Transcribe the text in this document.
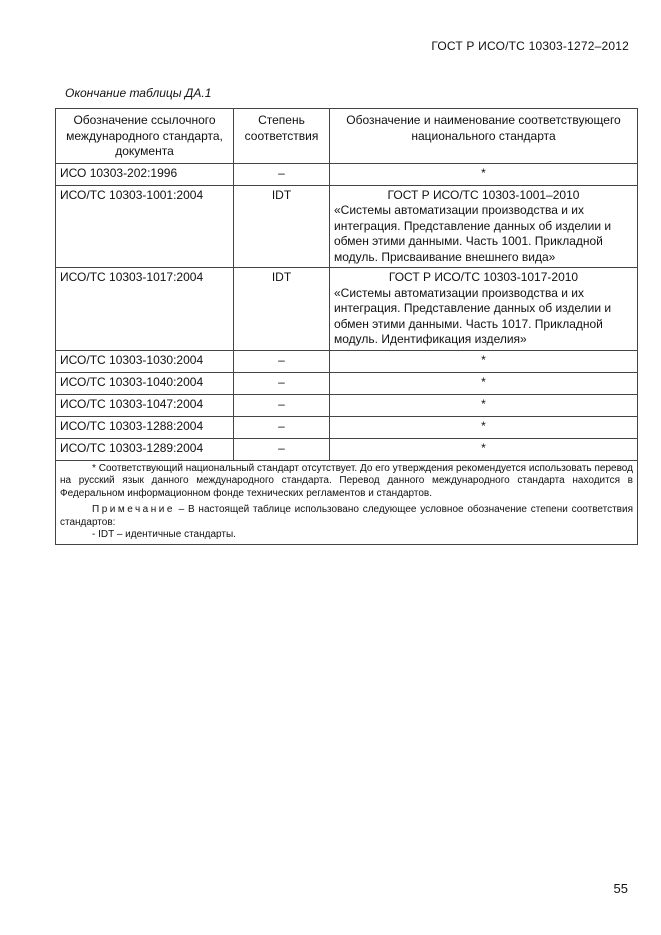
ГОСТ Р ИСО/ТС 10303-1272–2012
Окончание таблицы ДА.1
Обозначение ссылочного международного стандарта, документа	Степень соответствия	Обозначение и наименование соответствующего национального стандарта
ИСО 10303-202:1996	–	*
ИСО/ТС 10303-1001:2004	IDT	ГОСТ Р ИСО/ТС 10303-1001–2010
«Системы автоматизации производства и их интеграция. Представление данных об изделии и обмен этими данными. Часть 1001. Прикладной модуль. Присваивание внешнего вида»

ИСО/ТС 10303-1017:2004	IDT	ГОСТ Р ИСО/ТС 10303-1017-2010
«Системы автоматизации производства и их интеграция. Представление данных об изделии и обмен этими данными. Часть 1017. Прикладной модуль. Идентификация изделия»

ИСО/ТС 10303-1030:2004	–	*
ИСО/ТС 10303-1040:2004	–	*
ИСО/ТС 10303-1047:2004	–	*
ИСО/ТС 10303-1288:2004	–	*
ИСО/ТС 10303-1289:2004	–	*

* Соответствующий национальный стандарт отсутствует. До его утверждения рекомендуется использовать перевод на русский язык данного международного стандарта. Перевод данного международного стандарта находится в Федеральном информационном фонде технических регламентов и стандартов.

Примечание – В настоящей таблице использовано следующее условное обозначение степени соответствия стандартов:

- IDT – идентичные стандарты.		

55
